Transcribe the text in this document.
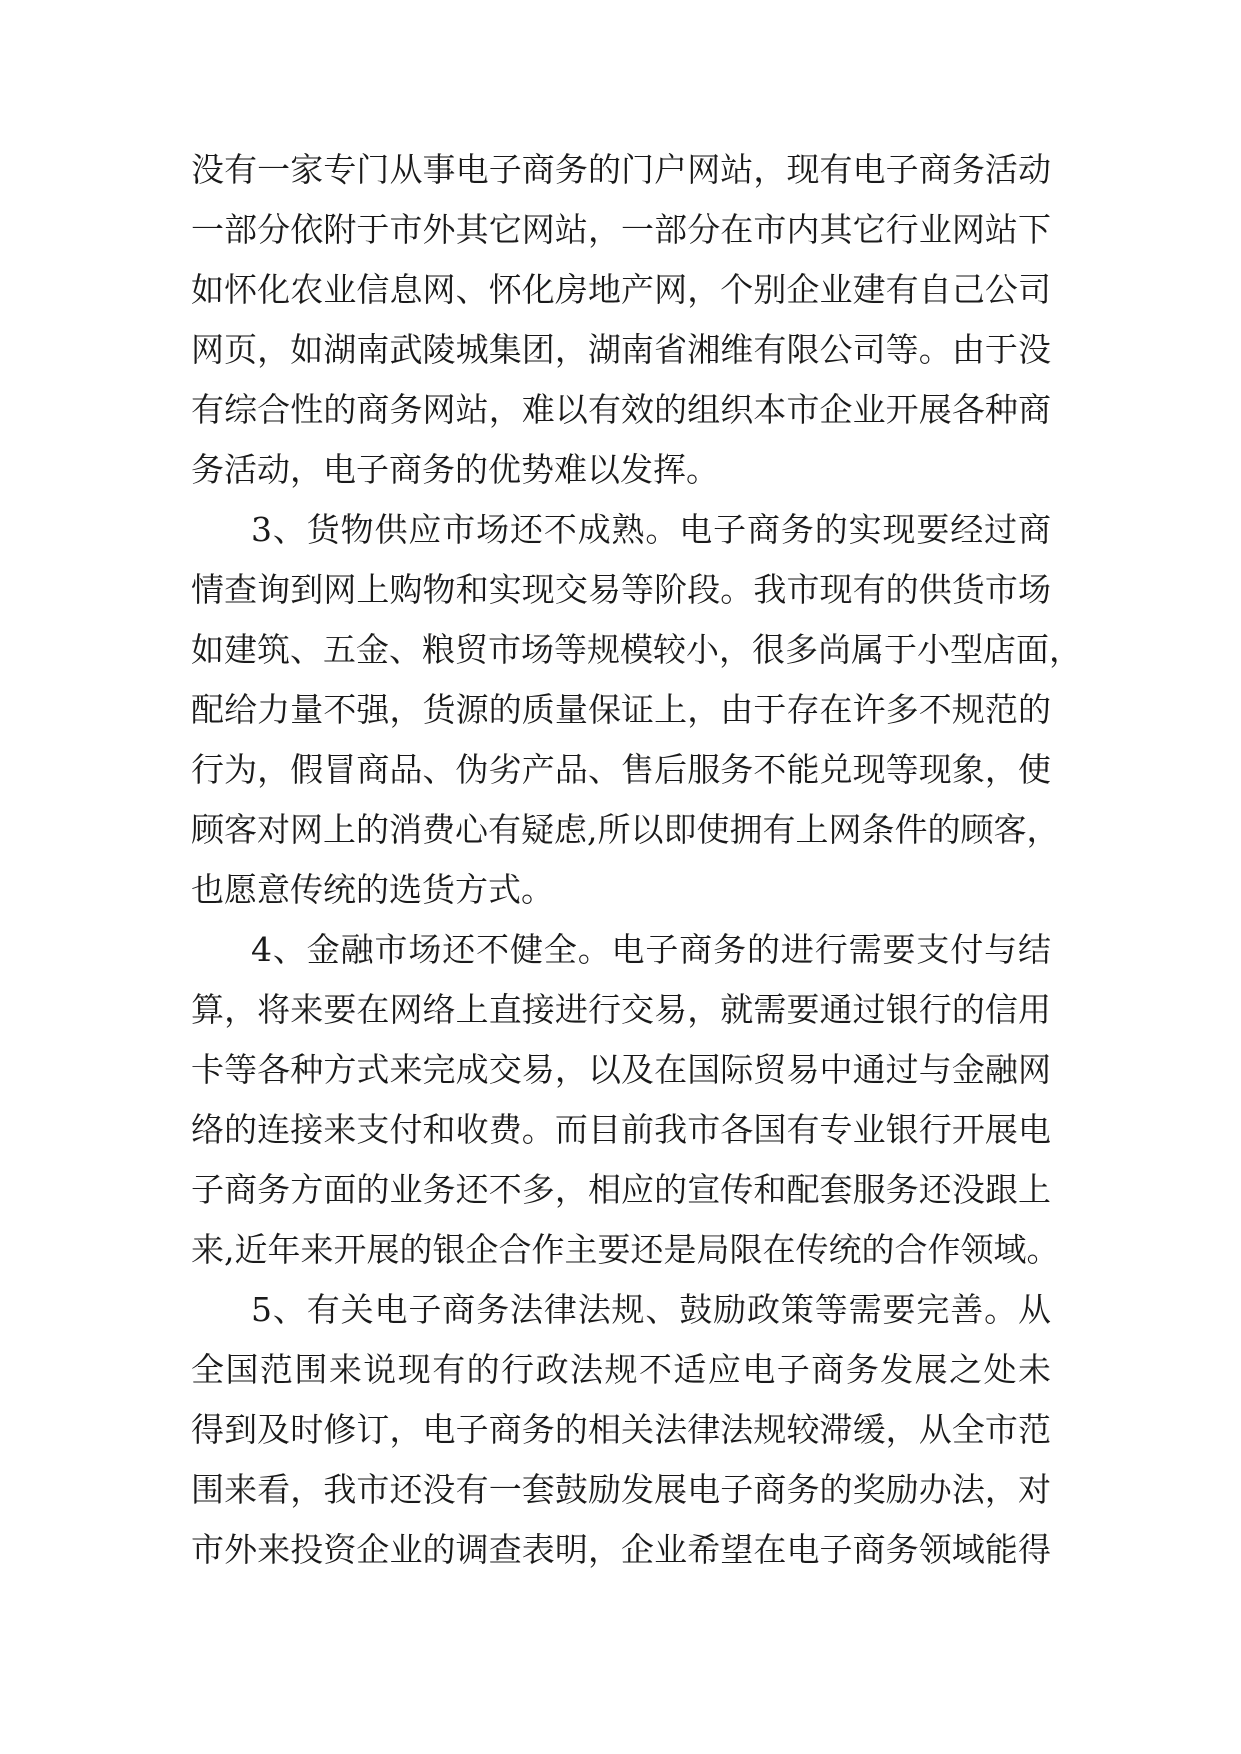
没有一家专门从事电子商务的门户网站，现有电子商务活动
一部分依附于市外其它网站，一部分在市内其它行业网站下
如怀化农业信息网、怀化房地产网，个别企业建有自己公司
网页，如湖南武陵城集团，湖南省湘维有限公司等。由于没
有综合性的商务网站，难以有效的组织本市企业开展各种商
务活动，电子商务的优势难以发挥。
3、货物供应市场还不成熟。电子商务的实现要经过商
情查询到网上购物和实现交易等阶段。我市现有的供货市场
如建筑、五金、粮贸市场等规模较小，很多尚属于小型店面，
配给力量不强，货源的质量保证上，由于存在许多不规范的
行为，假冒商品、伪劣产品、售后服务不能兑现等现象，使
顾客对网上的消费心有疑虑,所以即使拥有上网条件的顾客，
也愿意传统的选货方式。
4、金融市场还不健全。电子商务的进行需要支付与结
算，将来要在网络上直接进行交易，就需要通过银行的信用
卡等各种方式来完成交易，以及在国际贸易中通过与金融网
络的连接来支付和收费。而目前我市各国有专业银行开展电
子商务方面的业务还不多，相应的宣传和配套服务还没跟上
来,近年来开展的银企合作主要还是局限在传统的合作领域。
5、有关电子商务法律法规、鼓励政策等需要完善。从
全国范围来说现有的行政法规不适应电子商务发展之处未
得到及时修订，电子商务的相关法律法规较滞缓，从全市范
围来看，我市还没有一套鼓励发展电子商务的奖励办法，对
市外来投资企业的调查表明，企业希望在电子商务领域能得
